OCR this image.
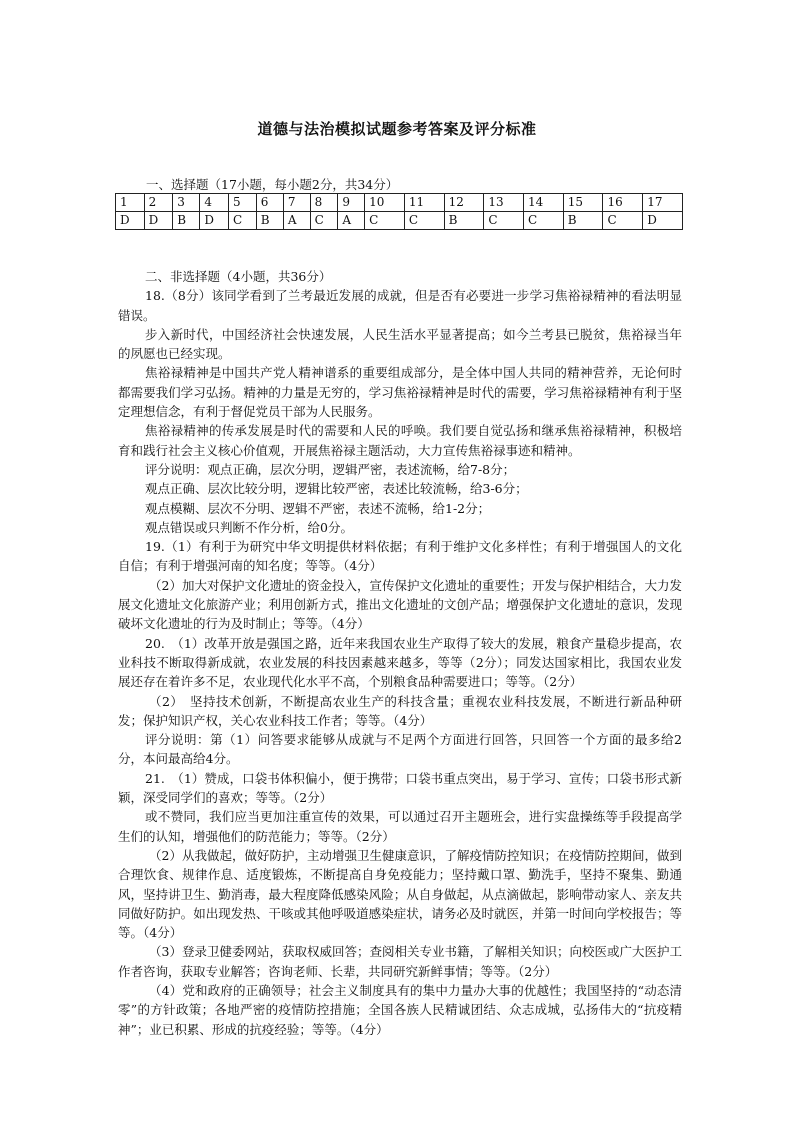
道德与法治模拟试题参考答案及评分标准
一、选择题（17小题，每小题2分，共34分）
1	2	3	4	5	6	7	8	9	10	11	12	13	14	15	16	17
D	D	B	D	C	B	A	C	A	C	C	B	C	C	B	C	D

二、非选择题（4小题，共36分）

18.（8分）该同学看到了兰考最近发展的成就，但是否有必要进一步学习焦裕禄精神的看法明显错误。

步入新时代，中国经济社会快速发展，人民生活水平显著提高；如今兰考县已脱贫，焦裕禄当年的夙愿也已经实现。

焦裕禄精神是中国共产党人精神谱系的重要组成部分，是全体中国人共同的精神营养，无论何时都需要我们学习弘扬。精神的力量是无穷的，学习焦裕禄精神是时代的需要，学习焦裕禄精神有利于坚定理想信念，有利于督促党员干部为人民服务。

焦裕禄精神的传承发展是时代的需要和人民的呼唤。我们要自觉弘扬和继承焦裕禄精神，积极培育和践行社会主义核心价值观，开展焦裕禄主题活动，大力宣传焦裕禄事迹和精神。

评分说明：观点正确，层次分明，逻辑严密，表述流畅，给7-8分；

观点正确、层次比较分明，逻辑比较严密，表述比较流畅，给3-6分；

观点模糊、层次不分明、逻辑不严密，表述不流畅，给1-2分；

观点错误或只判断不作分析，给0分。

19.（1）有利于为研究中华文明提供材料依据；有利于维护文化多样性；有利于增强国人的文化自信；有利于增强河南的知名度；等等。（4分）

（2）加大对保护文化遗址的资金投入，宣传保护文化遗址的重要性；开发与保护相结合，大力发展文化遗址文化旅游产业；利用创新方式，推出文化遗址的文创产品；增强保护文化遗址的意识，发现破坏文化遗址的行为及时制止；等等。（4分）

20.　（1）改革开放是强国之路，近年来我国农业生产取得了较大的发展，粮食产量稳步提高，农业科技不断取得新成就，农业发展的科技因素越来越多，等等（2分）；同发达国家相比，我国农业发展还存在着许多不足，农业现代化水平不高，个别粮食品种需要进口；等等。（2分）

（2）　坚持技术创新，不断提高农业生产的科技含量；重视农业科技发展，不断进行新品种研发；保护知识产权，关心农业科技工作者；等等。（4分）

评分说明：第（1）问答要求能够从成就与不足两个方面进行回答，只回答一个方面的最多给2分，本问最高给4分。

21.　（1）赞成，口袋书体积偏小，便于携带；口袋书重点突出，易于学习、宣传；口袋书形式新颖，深受同学们的喜欢；等等。（2分）

或不赞同，我们应当更加注重宣传的效果，可以通过召开主题班会，进行实盘操练等手段提高学生们的认知，增强他们的防范能力；等等。（2分）

（2）从我做起，做好防护，主动增强卫生健康意识，了解疫情防控知识；在疫情防控期间，做到合理饮食、规律作息、适度锻炼，不断提高自身免疫能力；坚持戴口罩、勤洗手，坚持不聚集、勤通风，坚持讲卫生、勤消毒，最大程度降低感染风险；从自身做起，从点滴做起，影响带动家人、亲友共同做好防护。如出现发热、干咳或其他呼吸道感染症状，请务必及时就医，并第一时间向学校报告；等等。（4分）

（3）登录卫健委网站，获取权威回答；查阅相关专业书籍，了解相关知识；向校医或广大医护工作者咨询，获取专业解答；咨询老师、长辈，共同研究新鲜事情；等等。（2分）

（4）党和政府的正确领导；社会主义制度具有的集中力量办大事的优越性；我国坚持的“动态清零”的方针政策；各地严密的疫情防控措施；全国各族人民精诚团结、众志成城，弘扬伟大的“抗疫精神”；业已积累、形成的抗疫经验；等等。（4分）
